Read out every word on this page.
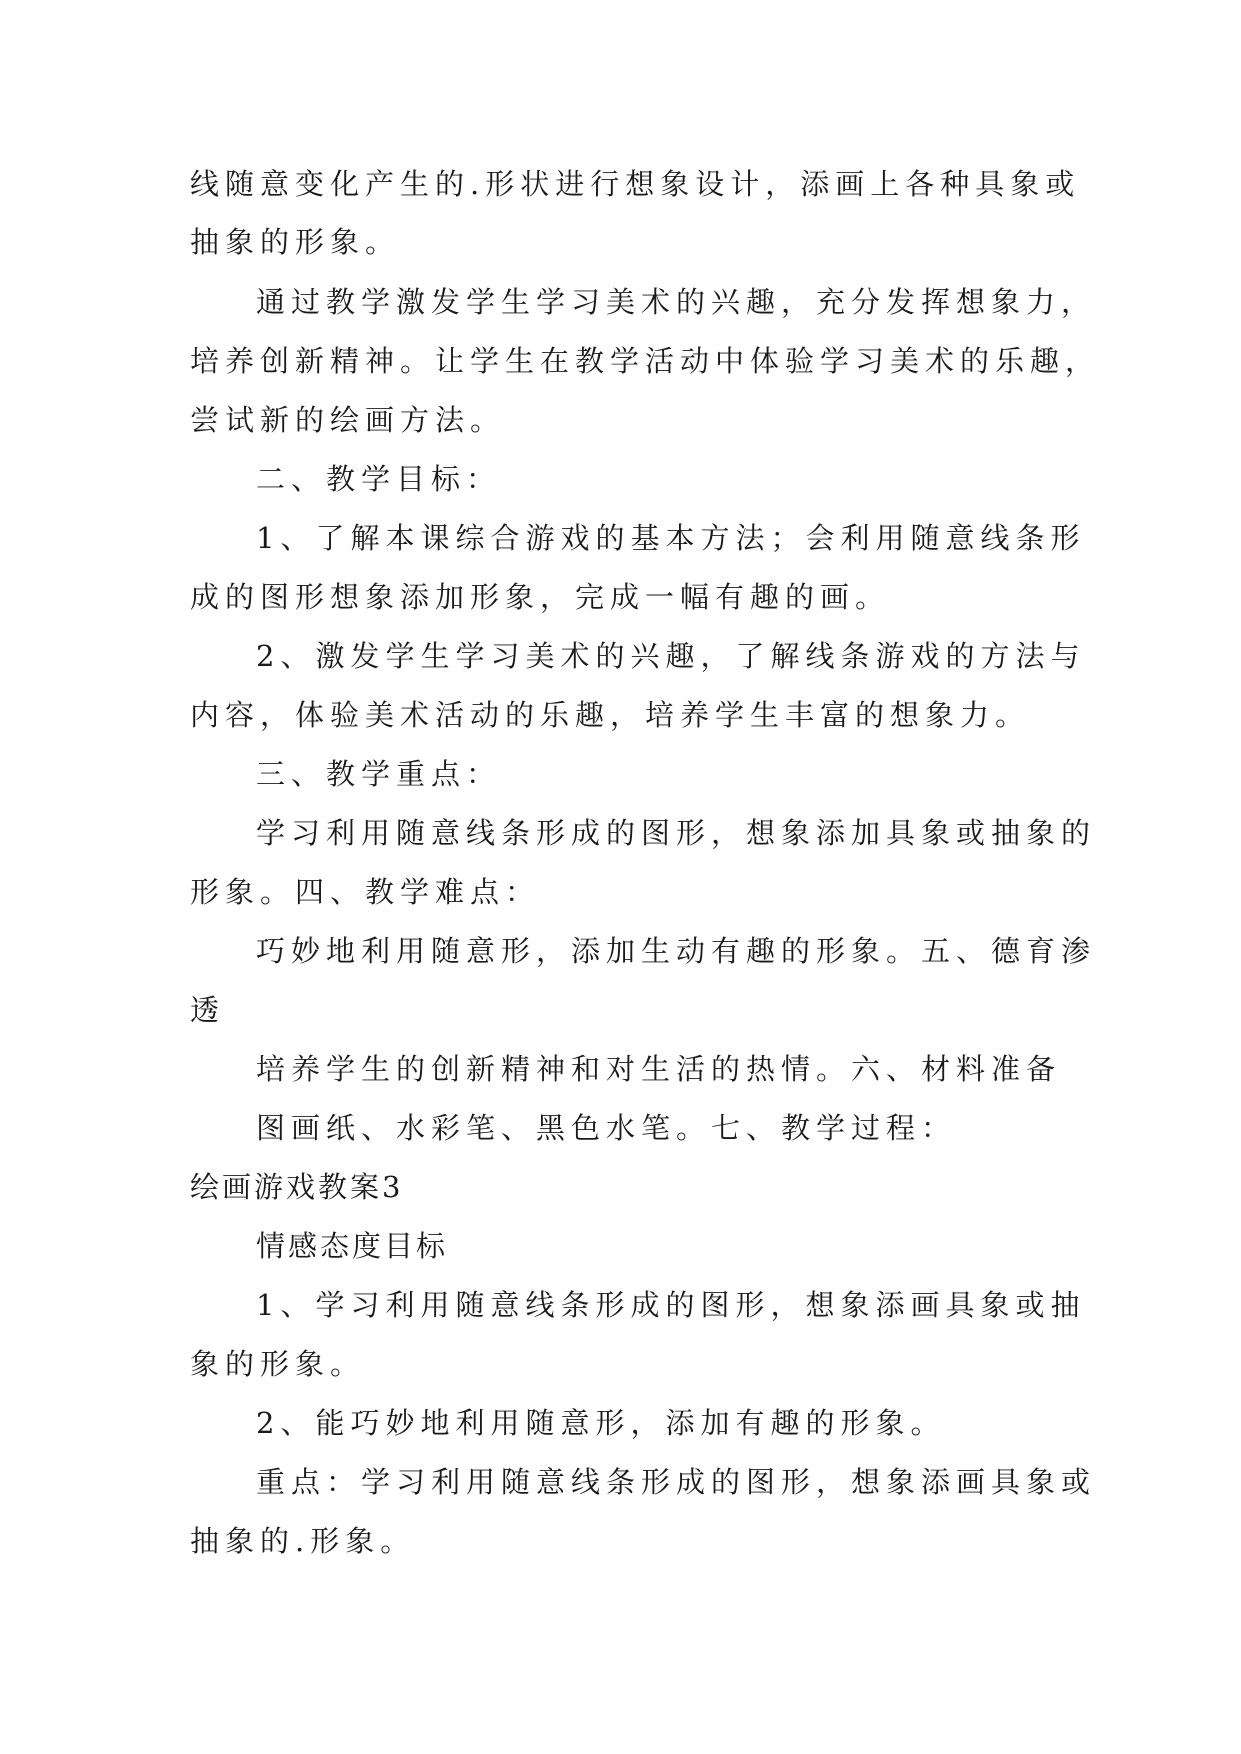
线随意变化产生的.形状进行想象设计，添画上各种具象或
抽象的形象。
通过教学激发学生学习美术的兴趣，充分发挥想象力，
培养创新精神。让学生在教学活动中体验学习美术的乐趣，
尝试新的绘画方法。
二、教学目标：
1、了解本课综合游戏的基本方法；会利用随意线条形
成的图形想象添加形象，完成一幅有趣的画。
2、激发学生学习美术的兴趣，了解线条游戏的方法与
内容，体验美术活动的乐趣，培养学生丰富的想象力。
三、教学重点：
学习利用随意线条形成的图形，想象添加具象或抽象的
形象。四、教学难点：
巧妙地利用随意形，添加生动有趣的形象。五、德育渗
透
培养学生的创新精神和对生活的热情。六、材料准备
图画纸、水彩笔、黑色水笔。七、教学过程：
绘画游戏教案3
情感态度目标
1、学习利用随意线条形成的图形，想象添画具象或抽
象的形象。
2、能巧妙地利用随意形，添加有趣的形象。
重点：学习利用随意线条形成的图形，想象添画具象或
抽象的.形象。
